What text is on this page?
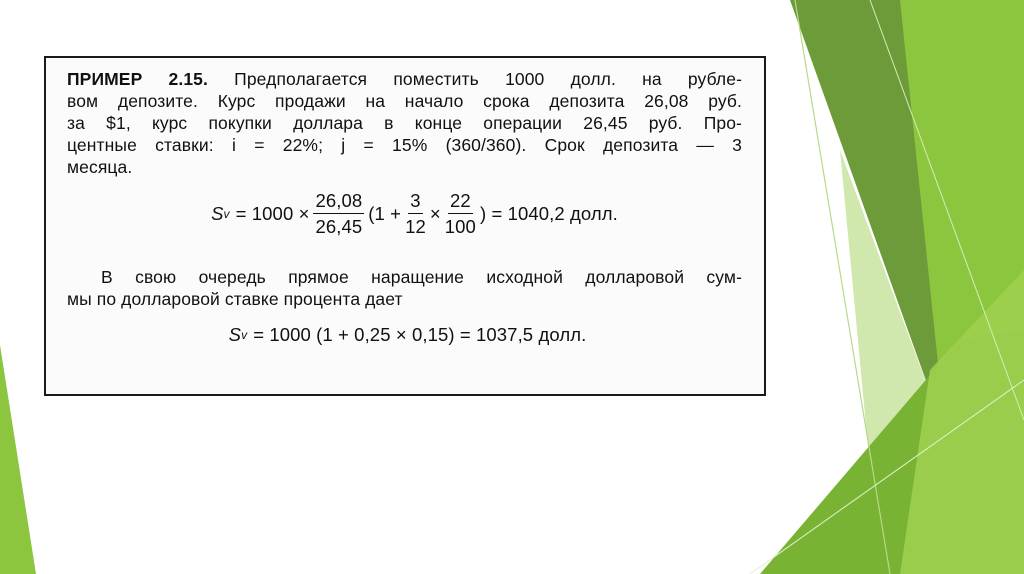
ПРИМЕР 2.15. Предполагается поместить 1000 долл. на рубле-
вом депозите. Курс продажи на начало срока депозита 26,08 руб.
за $1, курс покупки доллара в конце операции 26,45 руб. Про-
центные ставки: i = 22%; j = 15% (360/360). Срок депозита — 3
месяца.
S $v = 1000 \times \frac{26,08}{26,45} (1 + \frac{3}{12} \times \frac{22}{100}$ ) = 1040,2 долл.
В свою очередь прямое наращение исходной долларовой сум-
мы по долларовой ставке процента дает
S v = 1000 (1 + 0,25 × 0,15) = 1037,5 долл.
